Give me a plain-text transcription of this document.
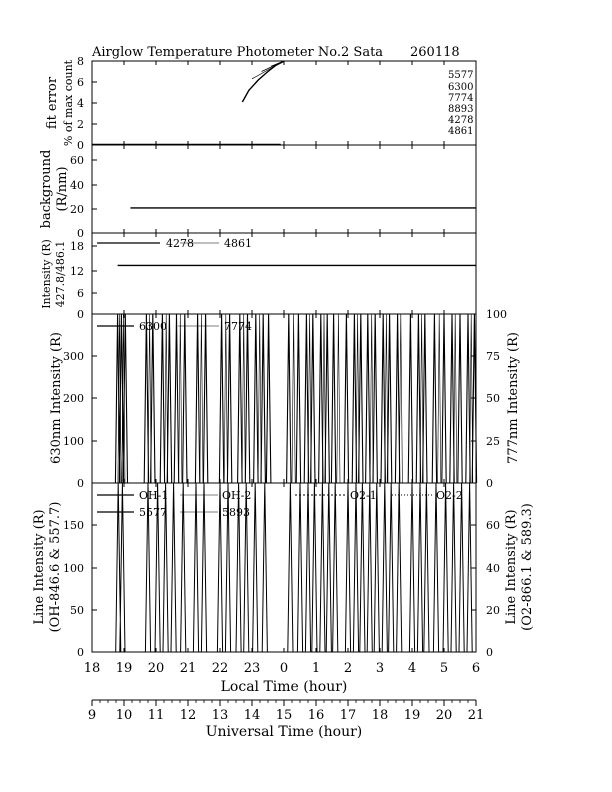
Airglow Temperature Photometer No.2 Sata 260118
0
2
4
6
8
fit error % of max count	5577
6300
7774
8893
4278
4861
0
20
40
60
background (R/nm)
0
6
12
18
Intensity (R) 427.8/486.1	4278	4861
0
100
200
300
630nm Intensity (R)
0
25
50
75
100
777nm Intensity (R)
6300	7774
0
50
100
150
Line Intensity (R) (OH-846.6 & 557.7)
0
20
40
60 Line Intensity (R) (O2-866.1 & 589.3)
OH-1	OH-2	O2-1	O2-2
5577	5893
18 19 20 21 22 23 0 1 2 3 4 5 6
Local Time (hour)
9 10 11 12 13 14 15 16 17 18 19 20 21
Universal Time (hour)
